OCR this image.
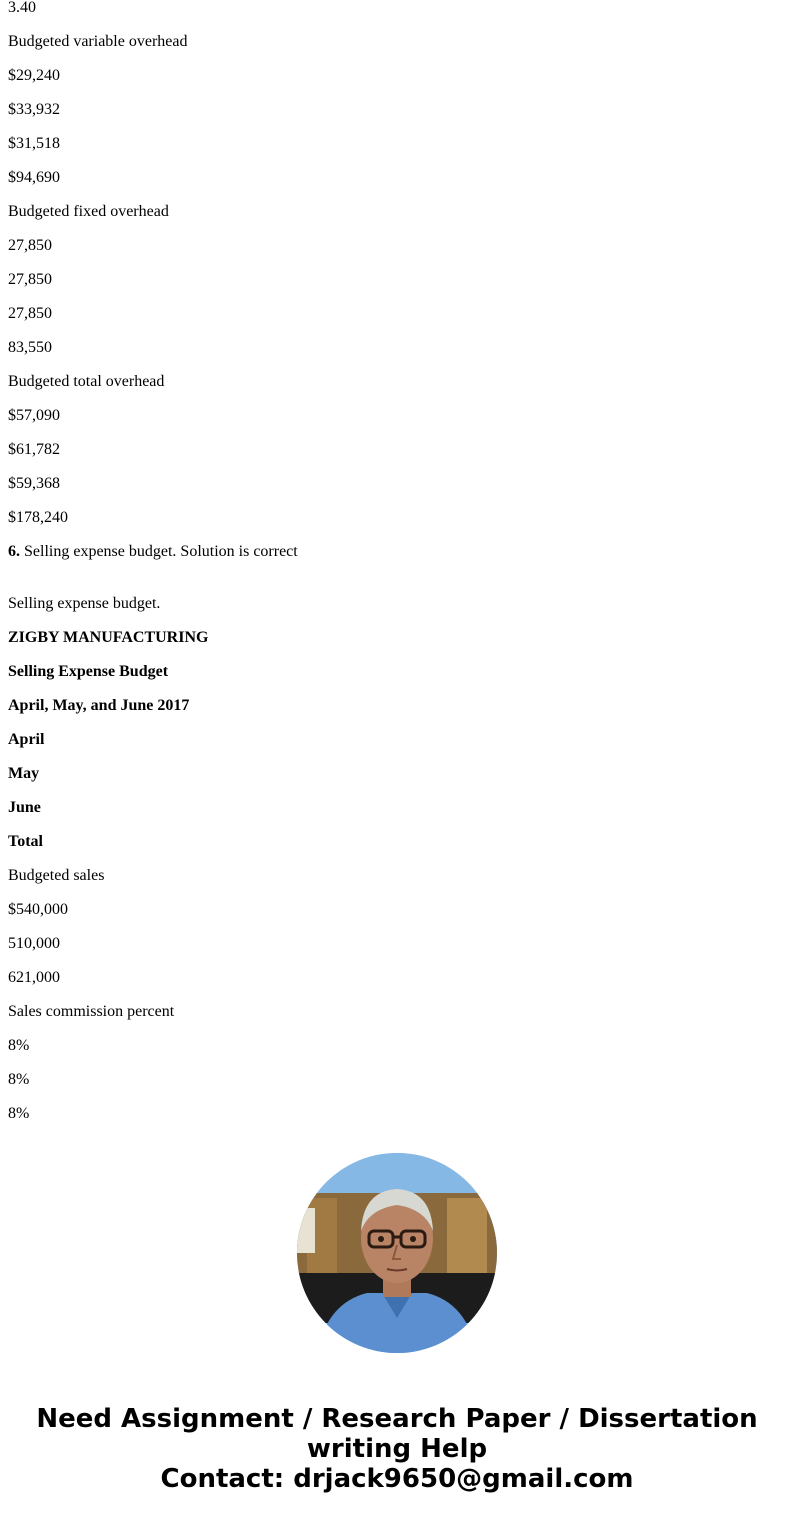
3.40
Budgeted variable overhead
$29,240
$33,932
$31,518
$94,690
Budgeted fixed overhead
27,850
27,850
27,850
83,550
Budgeted total overhead
$57,090
$61,782
$59,368
$178,240
6. Selling expense budget. Solution is correct
Selling expense budget.
ZIGBY MANUFACTURING
Selling Expense Budget
April, May, and June 2017
April
May
June
Total
Budgeted sales
$540,000
510,000
621,000
Sales commission percent
8%
8%
8%
Need Assignment / Research Paper / Dissertation
writing Help
Contact: drjack9650@gmail.com
